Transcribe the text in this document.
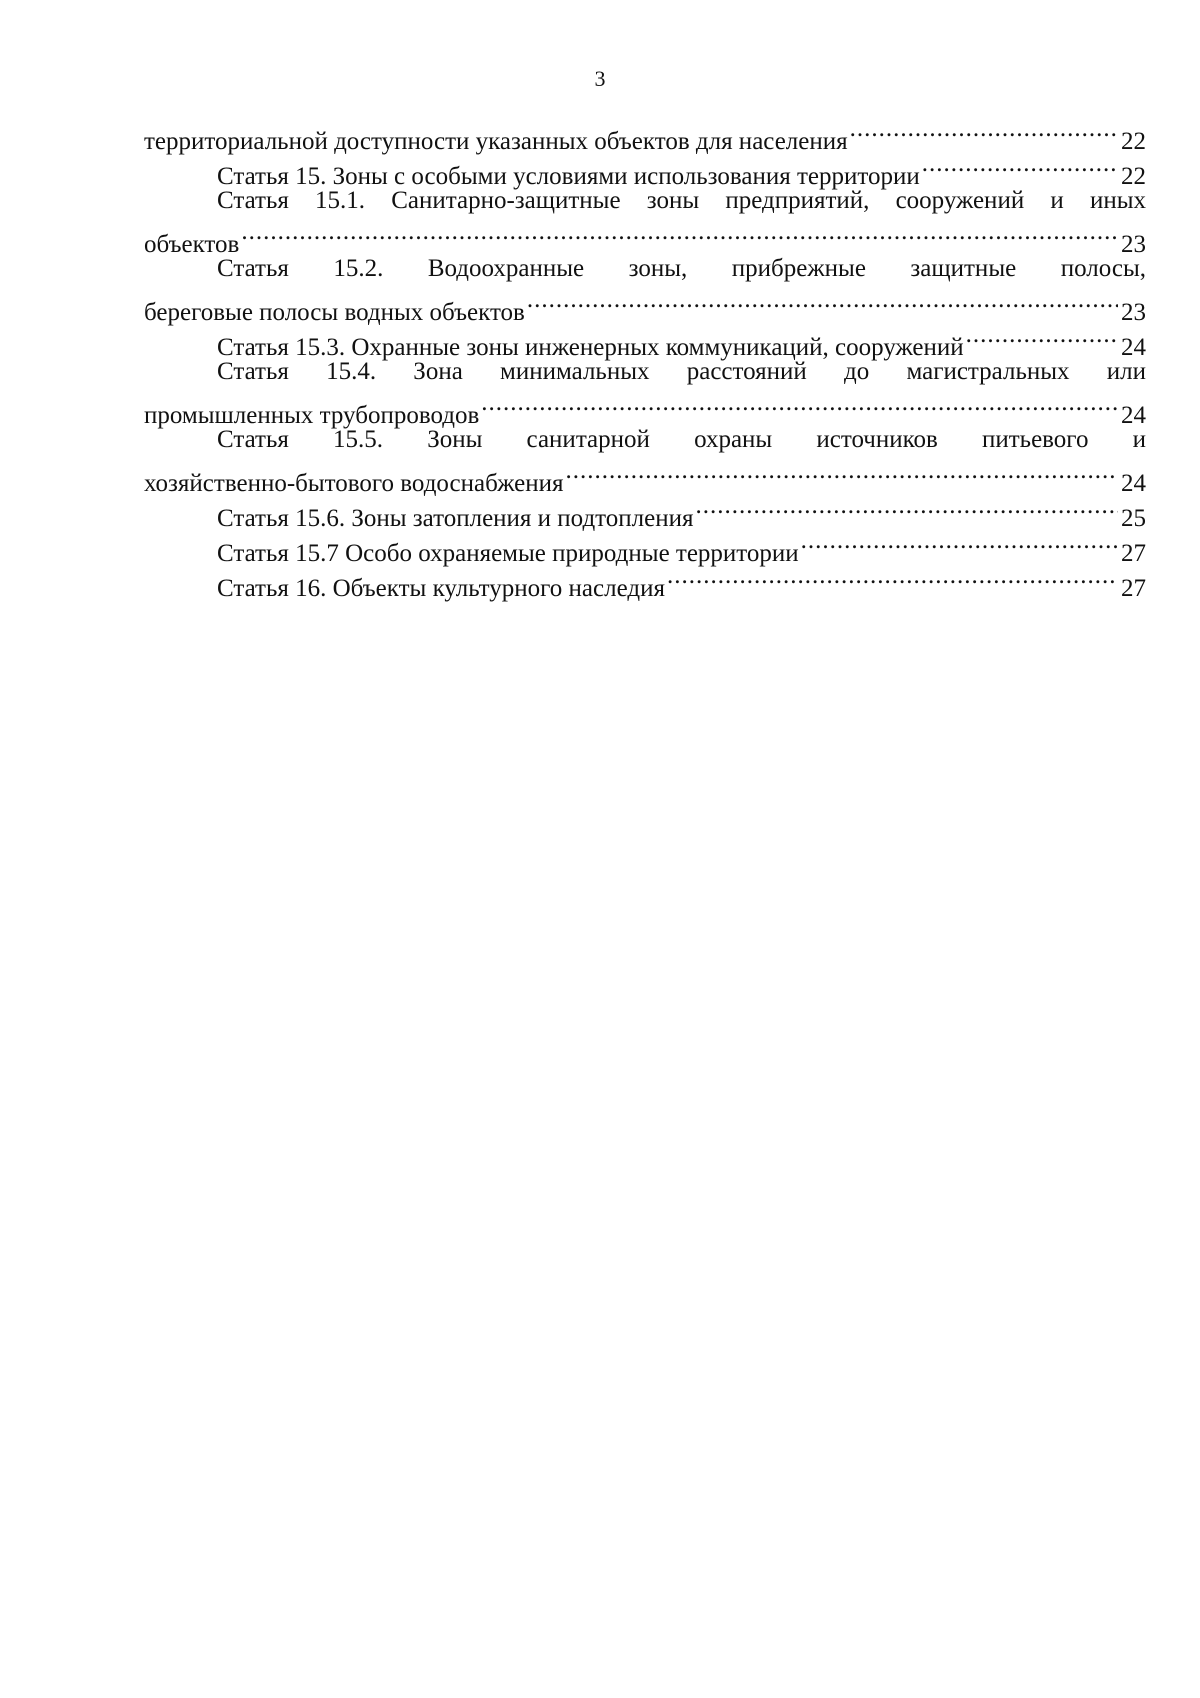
3
территориальной доступности указанных объектов для населения .....	22
Статья 15. Зоны с особыми условиями использования территории .....	22
Статья 15.1. Санитарно-защитные зоны предприятий, сооружений и иных
объектов .....	23
Статья 15.2. Водоохранные зоны, прибрежные защитные полосы,
береговые полосы водных объектов .....	23
Статья 15.3. Охранные зоны инженерных коммуникаций, сооружений .....	24
Статья 15.4. Зона минимальных расстояний до магистральных или
промышленных трубопроводов .....	24
Статья 15.5. Зоны санитарной охраны источников питьевого и
хозяйственно-бытового водоснабжения .....	24
Статья 15.6. Зоны затопления и подтопления .....	25
Статья 15.7 Особо охраняемые природные территории .....	27
Статья 16. Объекты культурного наследия .....	27
